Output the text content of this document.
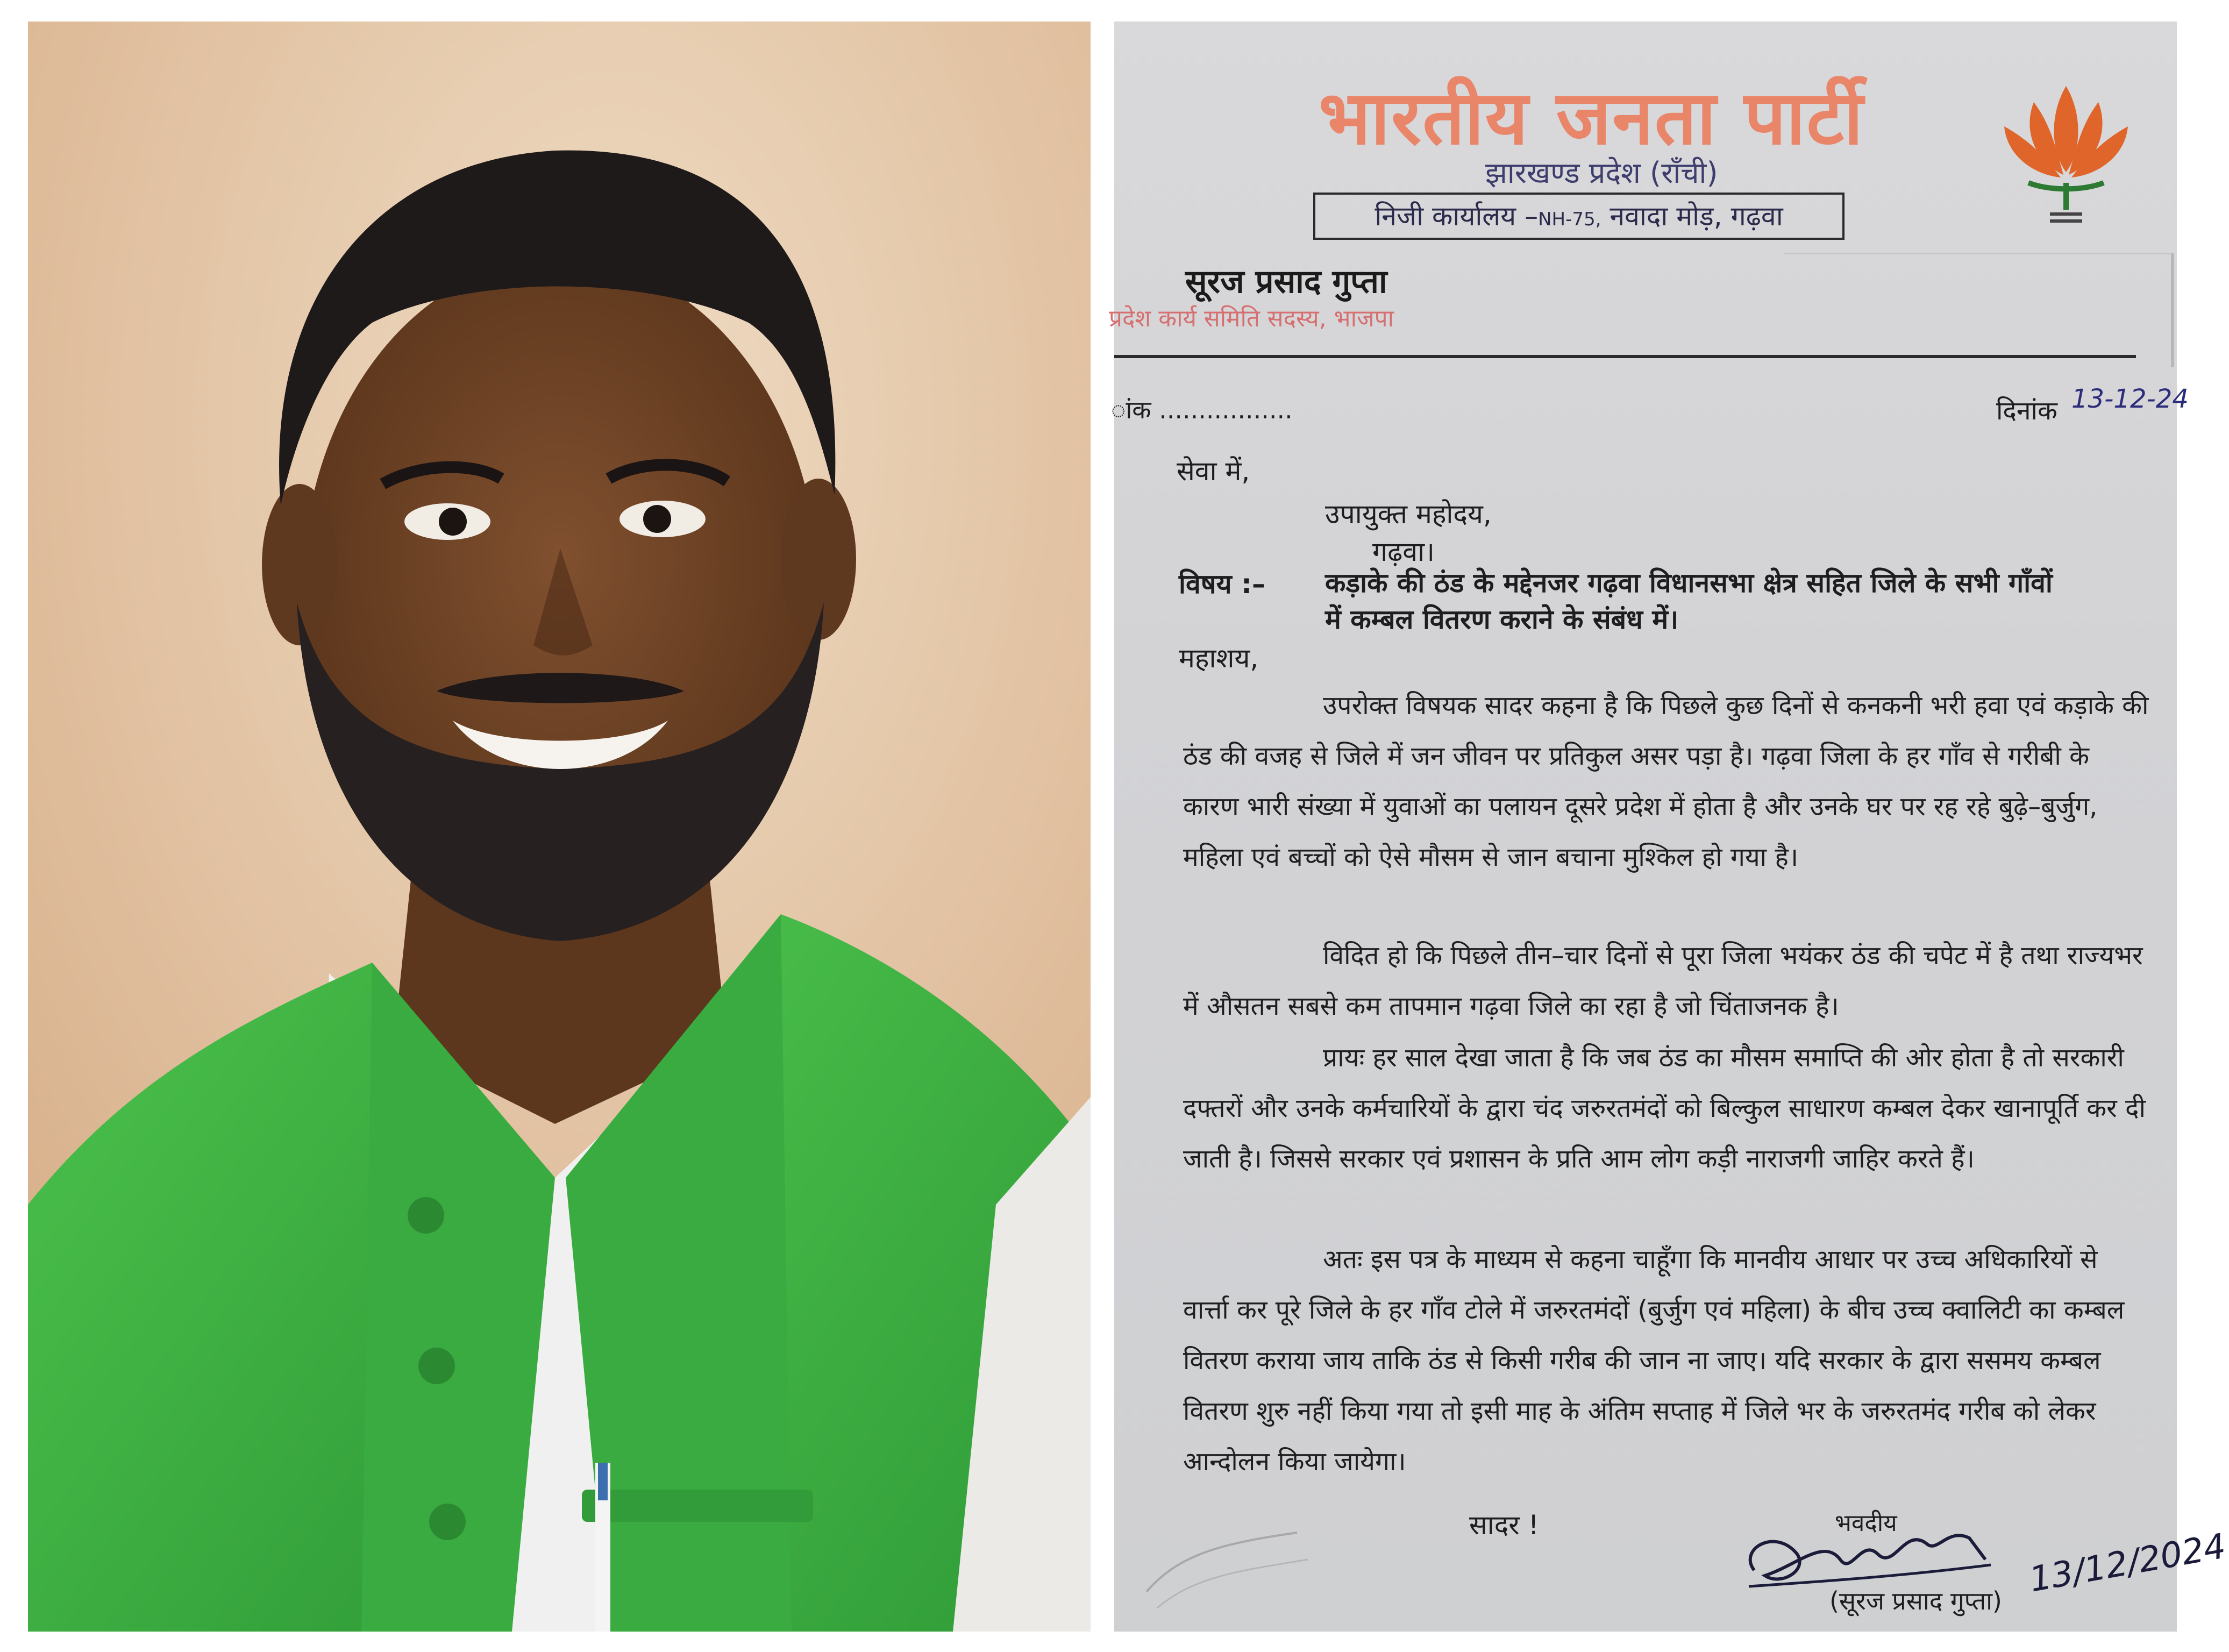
भारतीय जनता पार्टी
झारखण्ड प्रदेश (राँची)
निजी कार्यालय –NH-75, नवादा मोड़, गढ़वा
सूरज प्रसाद गुप्ता
प्रदेश कार्य समिति सदस्य, भाजपा
ांक .................	दिनांक 13-12-24
सेवा में,
उपायुक्त महोदय,
गढ़वा।
विषय :– कड़ाके की ठंड के मद्देनजर गढ़वा विधानसभा क्षेत्र सहित जिले के सभी गाँवों
में कम्बल वितरण कराने के संबंध में।
महाशय,
उपरोक्त विषयक सादर कहना है कि पिछले कुछ दिनों से कनकनी भरी हवा एवं कड़ाके की ठंड की वजह से जिले में जन जीवन पर प्रतिकुल असर पड़ा है। गढ़वा जिला के हर गाँव से गरीबी के कारण भारी संख्या में युवाओं का पलायन दूसरे प्रदेश में होता है और उनके घर पर रह रहे बुढ़े–बुर्जुग, महिला एवं बच्चों को ऐसे मौसम से जान बचाना मुश्किल हो गया है।
विदित हो कि पिछले तीन–चार दिनों से पूरा जिला भयंकर ठंड की चपेट में है तथा राज्यभर में औसतन सबसे कम तापमान गढ़वा जिले का रहा है जो चिंताजनक है।
प्रायः हर साल देखा जाता है कि जब ठंड का मौसम समाप्ति की ओर होता है तो सरकारी दफ्तरों और उनके कर्मचारियों के द्वारा चंद जरुरतमंदों को बिल्कुल साधारण कम्बल देकर खानापूर्ति कर दी जाती है। जिससे सरकार एवं प्रशासन के प्रति आम लोग कड़ी नाराजगी जाहिर करते हैं।
अतः इस पत्र के माध्यम से कहना चाहूँगा कि मानवीय आधार पर उच्च अधिकारियों से वार्त्ता कर पूरे जिले के हर गाँव टोले में जरुरतमंदों (बुर्जुग एवं महिला) के बीच उच्च क्वालिटी का कम्बल वितरण कराया जाय ताकि ठंड से किसी गरीब की जान ना जाए। यदि सरकार के द्वारा ससमय कम्बल वितरण शुरु नहीं किया गया तो इसी माह के अंतिम सप्ताह में जिले भर के जरुरतमंद गरीब को लेकर आन्दोलन किया जायेगा।
सादर !	भवदीय
13/12/2024
(सूरज प्रसाद गुप्ता)
